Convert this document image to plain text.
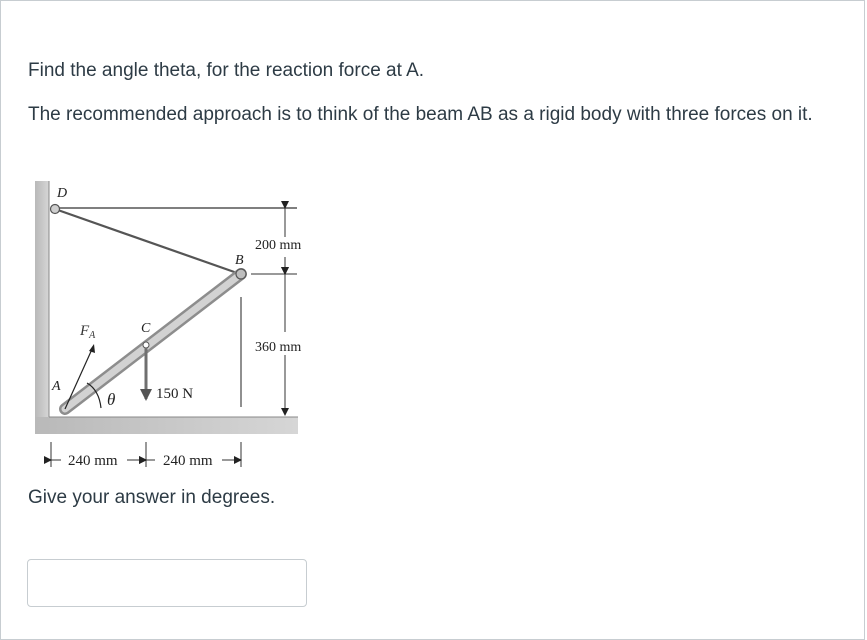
Find the angle theta, for the reaction force at A.

The recommended approach is to think of the beam AB as a rigid body with three forces on it.

200 mm
360 mm
150 N
$F_A$
θ
D
B
C
A
240 mm	240 mm

Give your answer in degrees.
